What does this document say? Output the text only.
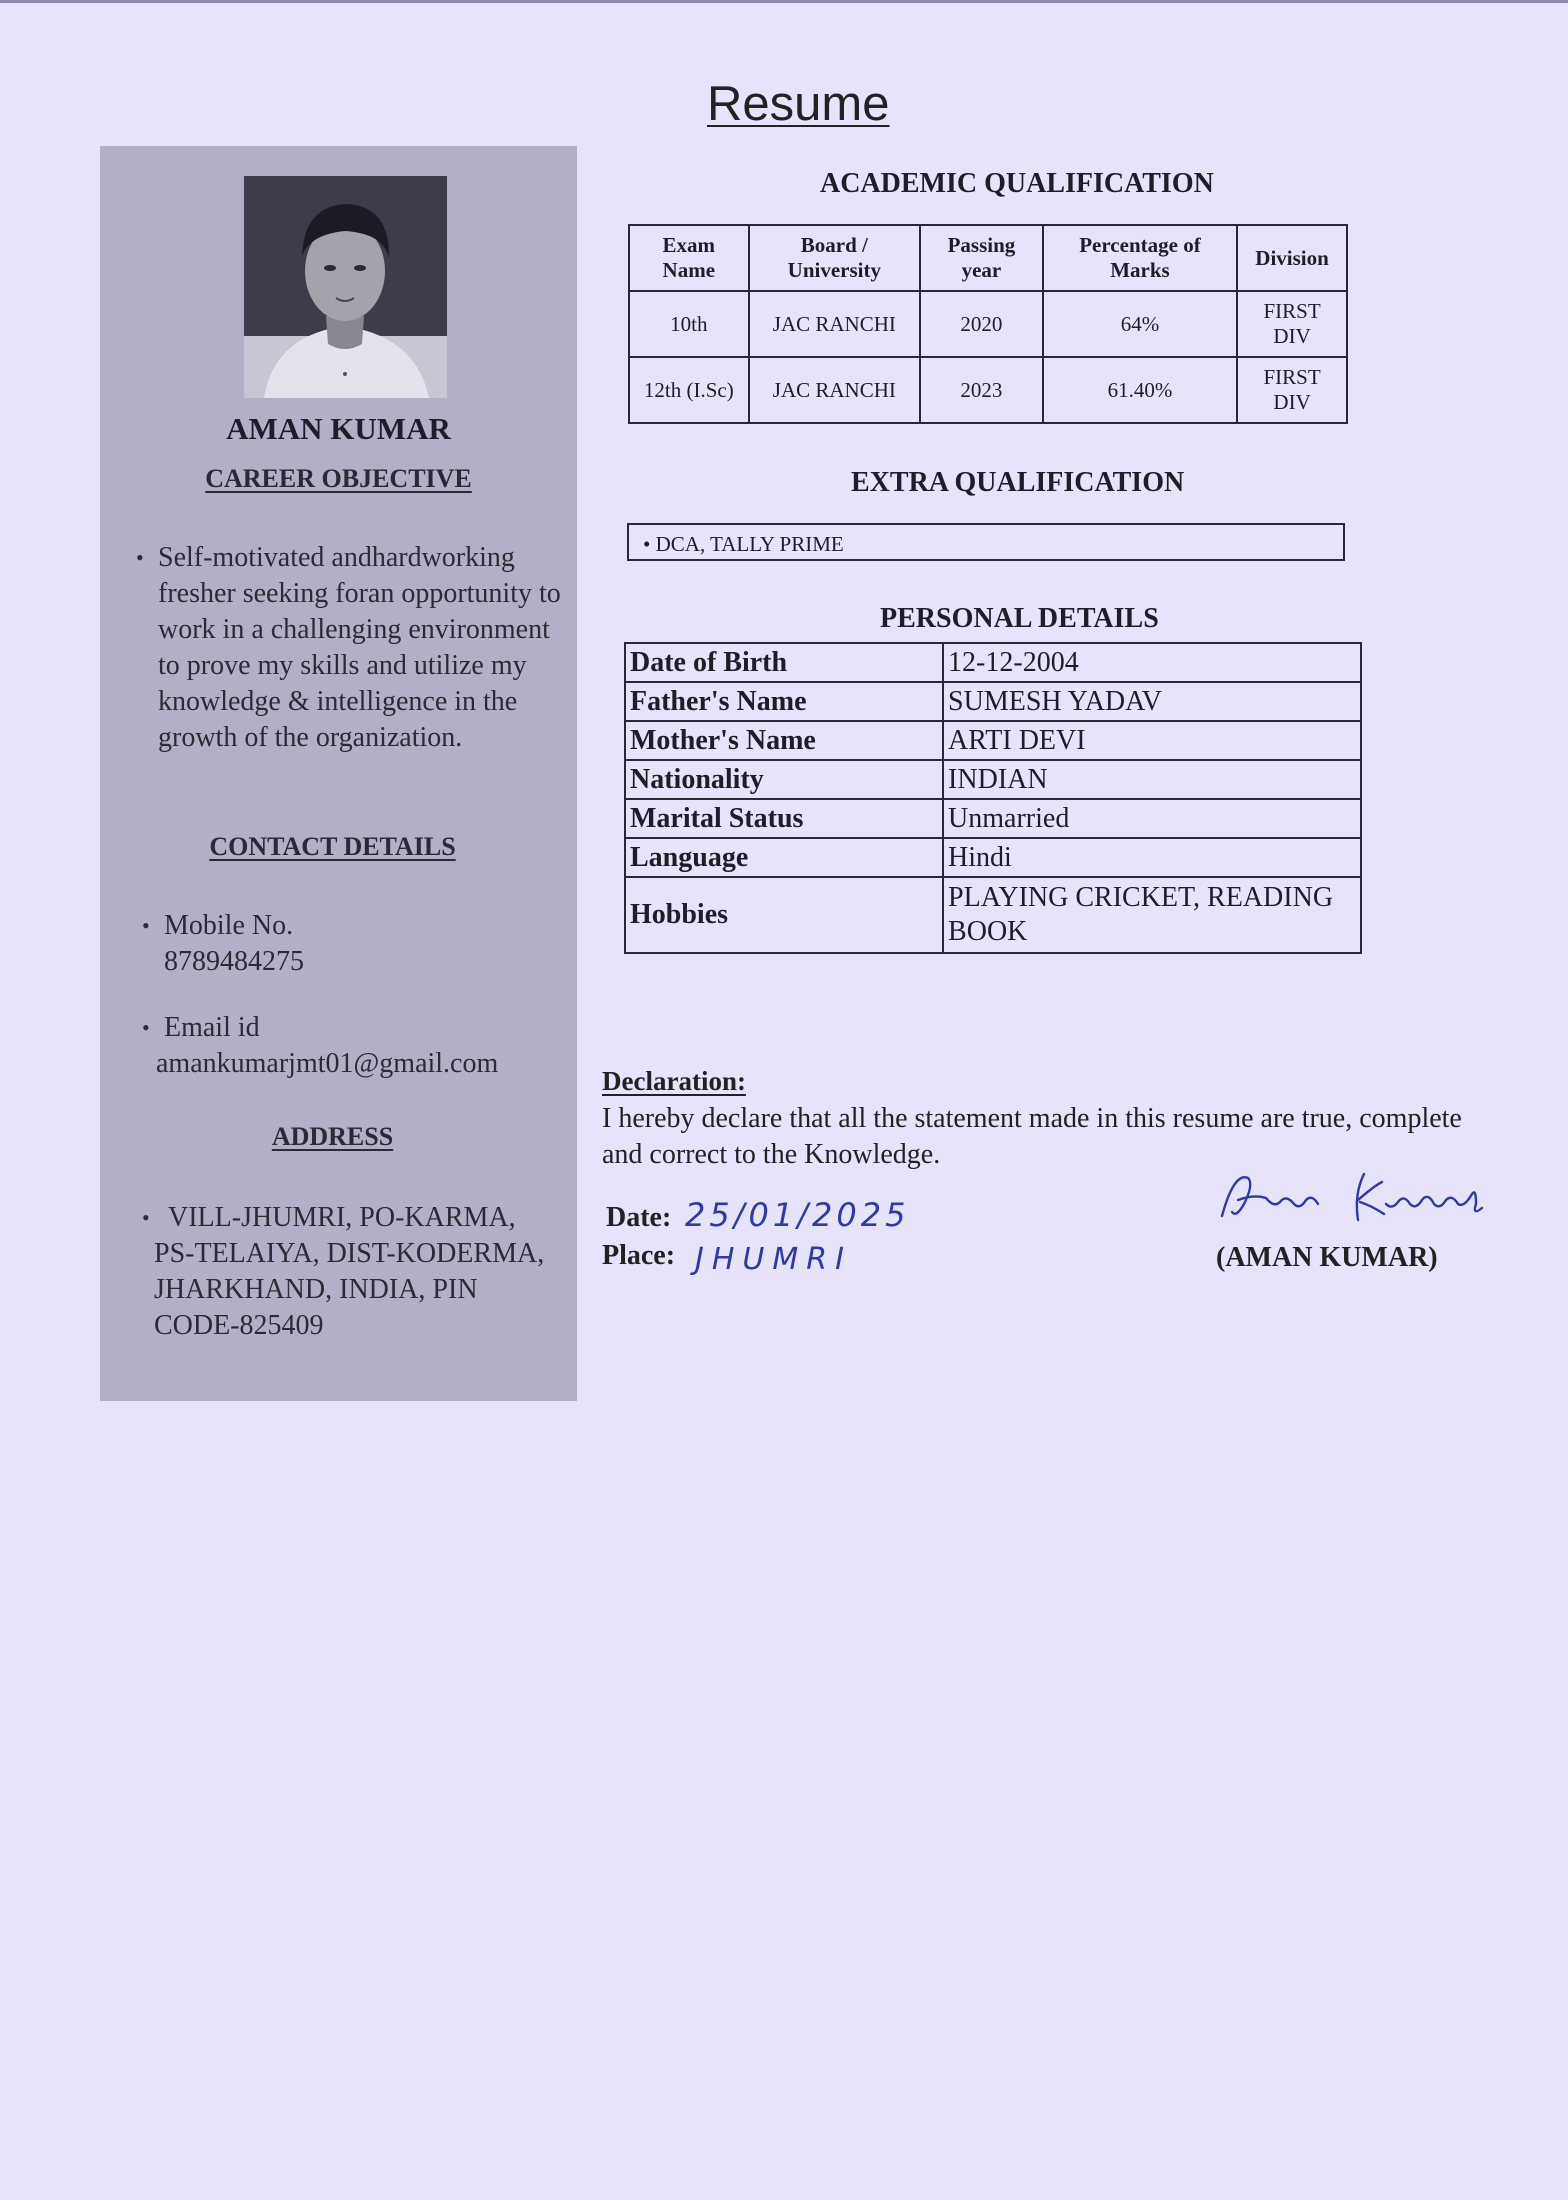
Resume
AMAN KUMAR
CAREER OBJECTIVE
• Self-motivated andhardworking fresher seeking foran opportunity to work in a challenging environment to prove my skills and utilize my knowledge & intelligence in the growth of the organization.

CONTACT DETAILS
• Mobile No.

8789484275

• Email id

amankumarjmt01@gmail.com

ADDRESS
• VILL-JHUMRI, PO-KARMA, PS-TELAIYA, DIST-KODERMA, JHARKHAND, INDIA, PIN CODE-825409

ACADEMIC QUALIFICATION
Exam Name	Board / University	Passing year	Percentage of Marks	Division
10th	JAC RANCHI	2020	64%	FIRST DIV
12th (I.Sc)	JAC RANCHI	2023	61.40%	FIRST DIV
EXTRA QUALIFICATION
• DCA, TALLY PRIME
PERSONAL DETAILS
Date of Birth	12-12-2004
Father's Name	SUMESH YADAV
Mother's Name	ARTI DEVI
Nationality	INDIAN
Marital Status	Unmarried
Language	Hindi
Hobbies	PLAYING CRICKET, READING BOOK
Declaration:
I hereby declare that all the statement made in this resume are true, complete and correct to the Knowledge.
Date: 25/01/2025
Place: JHUMRI	(AMAN KUMAR)
